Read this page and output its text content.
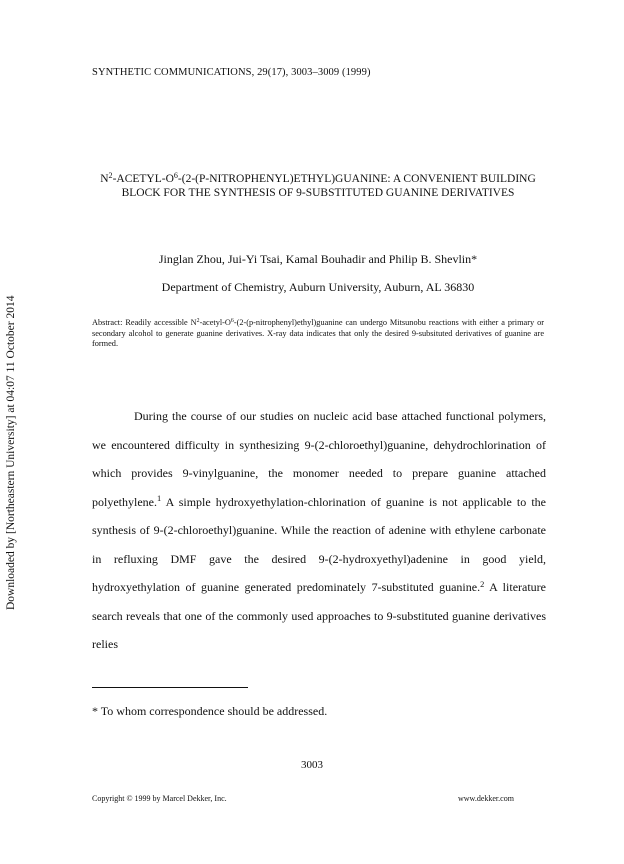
SYNTHETIC COMMUNICATIONS, 29(17), 3003–3009 (1999)
Downloaded by [Northeastern University] at 04:07 11 October 2014
$N^2-ACETYL-O^6-(2-(P-NITROPHENYL)ETHYL)GUANINE$: A CONVENIENT BUILDING BLOCK FOR THE SYNTHESIS OF 9-SUBSTITUTED GUANINE DERIVATIVES
Jinglan Zhou, Jui-Yi Tsai, Kamal Bouhadir and Philip B. Shevlin*
Department of Chemistry, Auburn University, Auburn, AL 36830
Abstract: Readily accessible $N^2-acetyl-O^6-(2-(p-nitrophenyl)ethyl)guanine$ can undergo Mitsunobu reactions with either a primary or secondary alcohol to generate guanine derivatives. X-ray data indicates that only the desired 9-subsituted derivatives of guanine are formed.
During the course of our studies on nucleic acid base attached functional polymers, we encountered difficulty in synthesizing 9-(2-chloroethyl)guanine, dehydrochlorination of which provides 9-vinylguanine, the monomer needed to prepare guanine attached polyethylene.$^1$ A simple hydroxyethylation-chlorination of guanine is not applicable to the synthesis of 9-(2-chloroethyl)guanine. While the reaction of adenine with ethylene carbonate in refluxing DMF gave the desired 9-(2-hydroxyethyl)adenine in good yield, hydroxyethylation of guanine generated predominately 7-substituted guanine.$^2$ A literature search reveals that one of the commonly used approaches to 9-substituted guanine derivatives relies
* To whom correspondence should be addressed.
3003
Copyright © 1999 by Marcel Dekker, Inc.	www.dekker.com
